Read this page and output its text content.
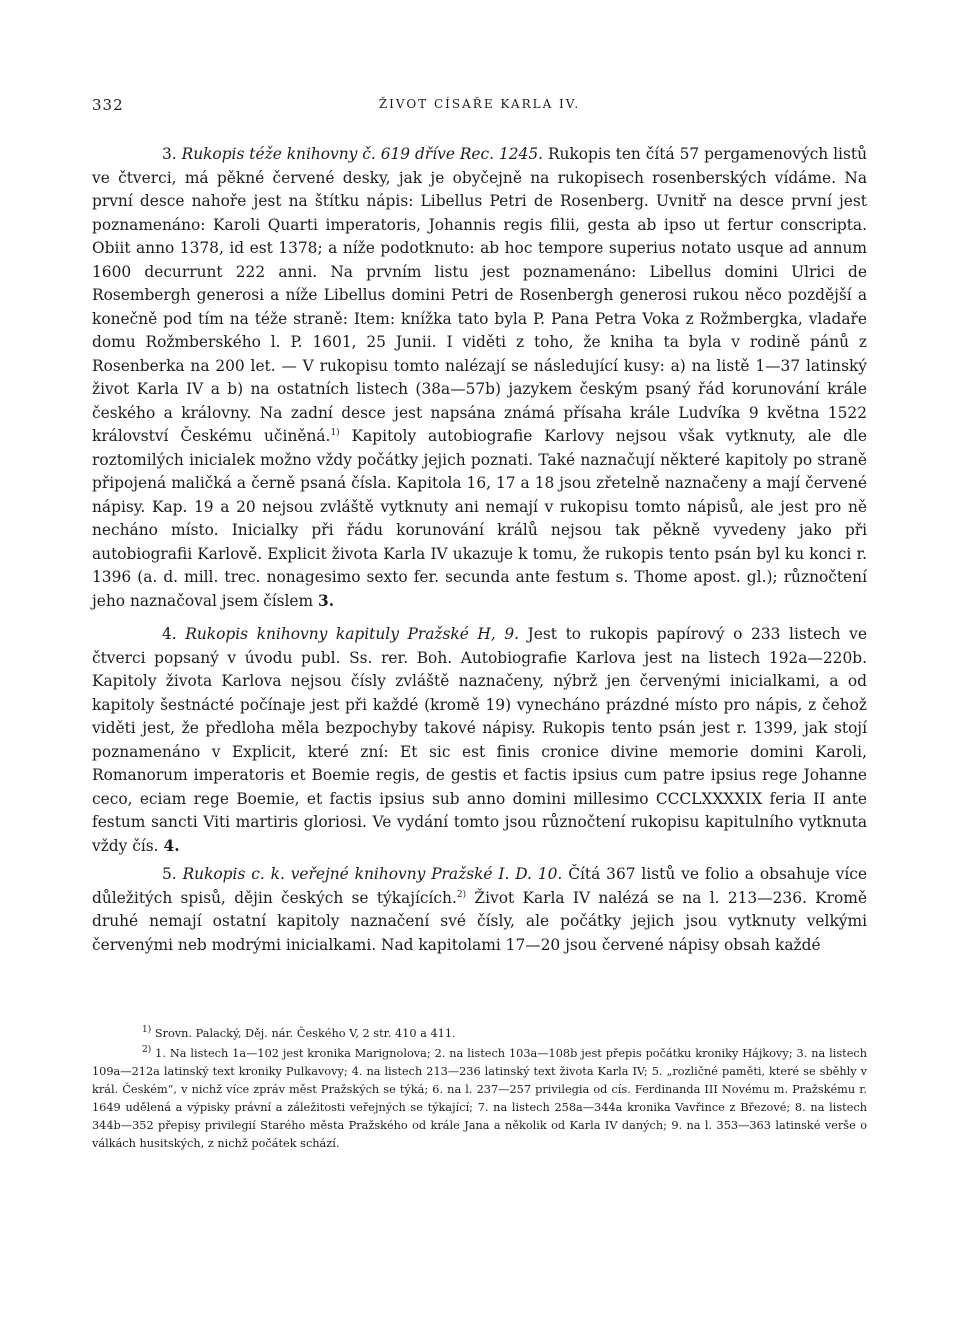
332	ŽIVOT CÍSAŘE KARLA IV.

3. Rukopis téže knihovny č. 619 dříve Rec. 1245. Rukopis ten čítá 57 pergamenových listů ve čtverci, má pěkné červené desky, jak je obyčejně na rukopisech rosenberských vídáme. Na první desce nahoře jest na štítku nápis: Libellus Petri de Rosenberg. Uvnitř na desce první jest poznamenáno: Karoli Quarti imperatoris, Johannis regis filii, gesta ab ipso ut fertur conscripta. Obiit anno 1378, id est 1378; a níže podotknuto: ab hoc tempore superius notato usque ad annum 1600 decurrunt 222 anni. Na prvním listu jest poznamenáno: Libellus domini Ulrici de Rosembergh generosi a níže Libellus domini Petri de Rosenbergh generosi rukou něco pozdější a konečně pod tím na téže straně: Item: knížka tato byla P. Pana Petra Voka z Rožmbergka, vladaře domu Rožmberského l. P. 1601, 25 Junii. I viděti z toho, že kniha ta byla v rodině pánů z Rosenberka na 200 let. — V rukopisu tomto nalézají se následující kusy: a) na listě 1—37 latinský život Karla IV a b) na ostatních listech (38a—57b) jazykem českým psaný řád korunování krále českého a královny. Na zadní desce jest napsána známá přísaha krále Ludvíka 9 května 1522 království Českému učiněná.$^{1)}$ Kapitoly autobiografie Karlovy nejsou však vytknuty, ale dle roztomilých inicialek možno vždy počátky jejich poznati. Také naznačují některé kapitoly po straně připojená maličká a černě psaná čísla. Kapitola 16, 17 a 18 jsou zřetelně naznačeny a mají červené nápisy. Kap. 19 a 20 nejsou zvláště vytknuty ani nemají v rukopisu tomto nápisů, ale jest pro ně necháno místo. Inicialky při řádu korunování králů nejsou tak pěkně vyvedeny jako při autobiografii Karlově. Explicit života Karla IV ukazuje k tomu, že rukopis tento psán byl ku konci r. 1396 (a. d. mill. trec. nonagesimo sexto fer. secunda ante festum s. Thome apost. gl.); různočtení jeho naznačoval jsem číslem 3.

4. Rukopis knihovny kapituly Pražské H, 9. Jest to rukopis papírový o 233 listech ve čtverci popsaný v úvodu publ. Ss. rer. Boh. Autobiografie Karlova jest na listech 192a—220b. Kapitoly života Karlova nejsou čísly zvláště naznačeny, nýbrž jen červenými inicialkami, a od kapitoly šestnácté počínaje jest při každé (kromě 19) vynecháno prázdné místo pro nápis, z čehož viděti jest, že předloha měla bezpochyby takové nápisy. Rukopis tento psán jest r. 1399, jak stojí poznamenáno v Explicit, které zní: Et sic est finis cronice divine memorie domini Karoli, Romanorum imperatoris et Boemie regis, de gestis et factis ipsius cum patre ipsius rege Johanne ceco, eciam rege Boemie, et factis ipsius sub anno domini millesimo CCCLXXXXIX feria II ante festum sancti Viti martiris gloriosi. Ve vydání tomto jsou různočtení rukopisu kapitulního vytknuta vždy čís. 4.

5. Rukopis c. k. veřejné knihovny Pražské I. D. 10. Čítá 367 listů ve folio a obsahuje více důležitých spisů, dějin českých se týkajících.$^{2)}$ Život Karla IV nalézá se na l. 213—236. Kromě druhé nemají ostatní kapitoly naznačení své čísly, ale počátky jejich jsou vytknuty velkými červenými neb modrými inicialkami. Nad kapitolami 17—20 jsou červené nápisy obsah každé

$^{1)}$ Srovn. Palacký, Děj. nár. Českého V, 2 str. 410 a 411.

$^{2)}$ 1. Na listech 1a—102 jest kronika Marignolova; 2. na listech 103a—108b jest přepis počátku kroniky Hájkovy; 3. na listech 109a—212a latinský text kroniky Pulkavovy; 4. na listech 213—236 latinský text života Karla IV; 5. „rozličné paměti, které se sběhly v král. Českém“, v nichž více zpráv měst Pražských se týká; 6. na l. 237—257 privilegia od cís. Ferdinanda III Novému m. Pražskému r. 1649 udělená a výpisky právní a záležitosti veřejných se týkající; 7. na listech 258a—344a kronika Vavřince z Březové; 8. na listech 344b—352 přepisy privilegií Starého města Pražského od krále Jana a několik od Karla IV daných; 9. na l. 353—363 latinské verše o válkách husitských, z nichž počátek schází.
